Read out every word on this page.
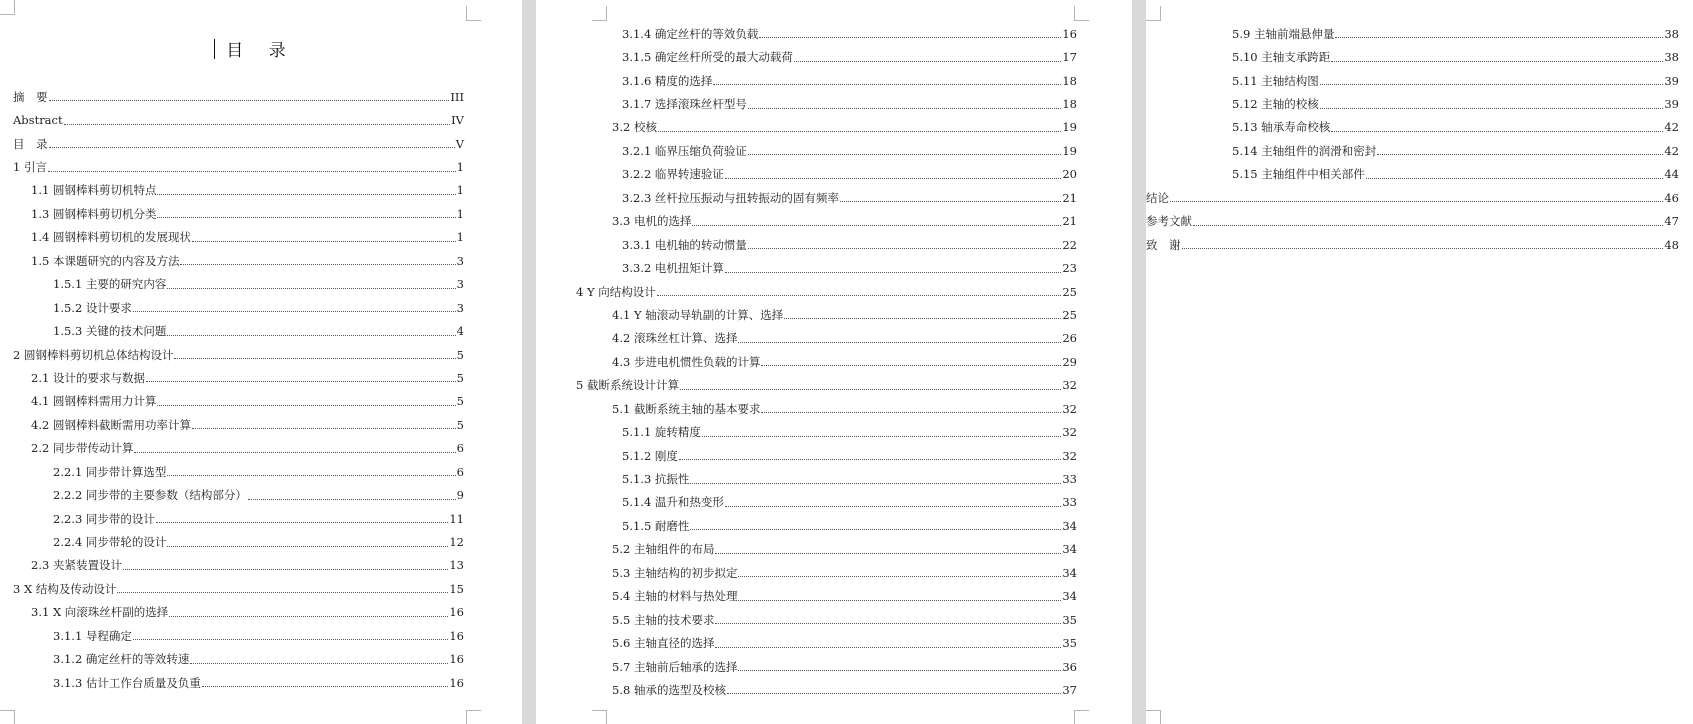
目 录
摘　要	III
Abstract	IV
目　录	V
1 引言	1
1.1 圆钢棒料剪切机特点	1
1.3 圆钢棒料剪切机分类	1
1.4 圆钢棒料剪切机的发展现状	1
1.5 本课题研究的内容及方法	3
1.5.1 主要的研究内容	3
1.5.2 设计要求	3
1.5.3 关键的技术问题	4
2 圆钢棒料剪切机总体结构设计	5
2.1 设计的要求与数据	5
4.1 圆钢棒料需用力计算	5
4.2 圆钢棒料截断需用功率计算	5
2.2 同步带传动计算	6
2.2.1 同步带计算选型	6
2.2.2 同步带的主要参数（结构部分）	9
2.2.3 同步带的设计	11
2.2.4 同步带轮的设计	12
2.3 夹紧装置设计	13
3 X 结构及传动设计	15
3.1 X 向滚珠丝杆副的选择	16
3.1.1 导程确定	16
3.1.2 确定丝杆的等效转速	16
3.1.3 估计工作台质量及负重	16
3.1.4 确定丝杆的等效负载	16
3.1.5 确定丝杆所受的最大动载荷	17
3.1.6 精度的选择	18
3.1.7 选择滚珠丝杆型号	18
3.2 校核	19
3.2.1 临界压缩负荷验证	19
3.2.2 临界转速验证	20
3.2.3 丝杆拉压振动与扭转振动的固有频率	21
3.3 电机的选择	21
3.3.1 电机轴的转动惯量	22
3.3.2 电机扭矩计算	23
4 Y 向结构设计	25
4.1 Y 轴滚动导轨副的计算、选择	25
4.2 滚珠丝杠计算、选择	26
4.3 步进电机惯性负载的计算	29
5 截断系统设计计算	32
5.1 截断系统主轴的基本要求	32
5.1.1 旋转精度	32
5.1.2 刚度	32
5.1.3 抗振性	33
5.1.4 温升和热变形	33
5.1.5 耐磨性	34
5.2 主轴组件的布局	34
5.3 主轴结构的初步拟定	34
5.4 主轴的材料与热处理	34
5.5 主轴的技术要求	35
5.6 主轴直径的选择	35
5.7 主轴前后轴承的选择	36
5.8 轴承的选型及校核	37
5.9 主轴前端悬伸量	38
5.10 主轴支承跨距	38
5.11 主轴结构图	39
5.12 主轴的校核	39
5.13 轴承寿命校核	42
5.14 主轴组件的润滑和密封	42
5.15 主轴组件中相关部件	44
结论	46
参考文献	47
致　谢	48
